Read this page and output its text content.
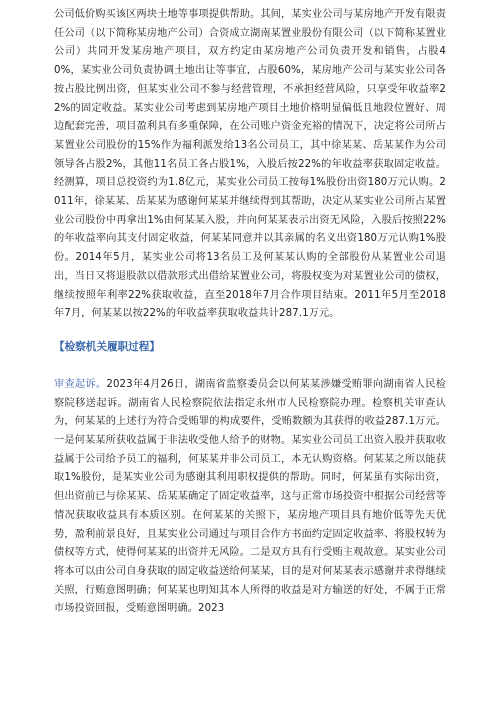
公司低价购买该区两块土地等事项提供帮助。其间，某实业公司与某房地产开发有限责任公司（以下简称某房地产公司）合资成立湖南某置业股份有限公司（以下简称某置业公司）共同开发某房地产项目，双方约定由某房地产公司负责开发和销售，占股40%，某实业公司负责协调土地出让等事宜，占股60%，某房地产公司与某实业公司各按占股比例出资，但某实业公司不参与经营管理，不承担经营风险，只享受年收益率22%的固定收益。某实业公司考虑到某房地产项目土地价格明显偏低且地段位置好、周边配套完善，项目盈利具有多重保障，在公司账户资金充裕的情况下，决定将公司所占某置业公司股份的15%作为福利派发给13名公司员工，其中徐某某、岳某某作为公司领导各占股2%，其他11名员工各占股1%，入股后按22%的年收益率获取固定收益。经测算，项目总投资约为1.8亿元，某实业公司员工按每1%股份出资180万元认购。2011年，徐某某、岳某某为感谢何某某并继续得到其帮助，决定从某实业公司所占某置业公司股份中再拿出1%由何某某入股，并向何某某表示出资无风险，入股后按照22%的年收益率向其支付固定收益，何某某同意并以其亲属的名义出资180万元认购1%股份。2014年5月，某实业公司将13名员工及何某某认购的全部股份从某置业公司退出，当日又将退股款以借款形式出借给某置业公司，将股权变为对某置业公司的债权，继续按照年利率22%获取收益，直至2018年7月合作项目结束。2011年5月至2018年7月，何某某以按22%的年收益率获取收益共计287.1万元。

【检察机关履职过程】

审查起诉。2023年4月26日，湖南省监察委员会以何某某涉嫌受贿罪向湖南省人民检察院移送起诉。湖南省人民检察院依法指定永州市人民检察院办理。检察机关审查认为，何某某的上述行为符合受贿罪的构成要件，受贿数额为其获得的收益287.1万元。一是何某某所获收益属于非法收受他人给予的财物。某实业公司员工出资入股并获取收益属于公司给予员工的福利，何某某并非公司员工，本无认购资格。何某某之所以能获取1%股份，是某实业公司为感谢其利用职权提供的帮助。同时，何某虽有实际出资，但出资前已与徐某某、岳某某确定了固定收益率，这与正常市场投资中根据公司经营等情况获取收益具有本质区别。在何某某的关照下，某房地产项目具有地价低等先天优势，盈利前景良好，且某实业公司通过与项目合作方书面约定固定收益率、将股权转为债权等方式，使得何某某的出资并无风险。二是双方具有行受贿主观故意。某实业公司将本可以由公司自身获取的固定收益送给何某某，目的是对何某某表示感谢并求得继续关照，行贿意图明确；何某某也明知其本人所得的收益是对方输送的好处，不属于正常市场投资回报，受贿意图明确。2023
